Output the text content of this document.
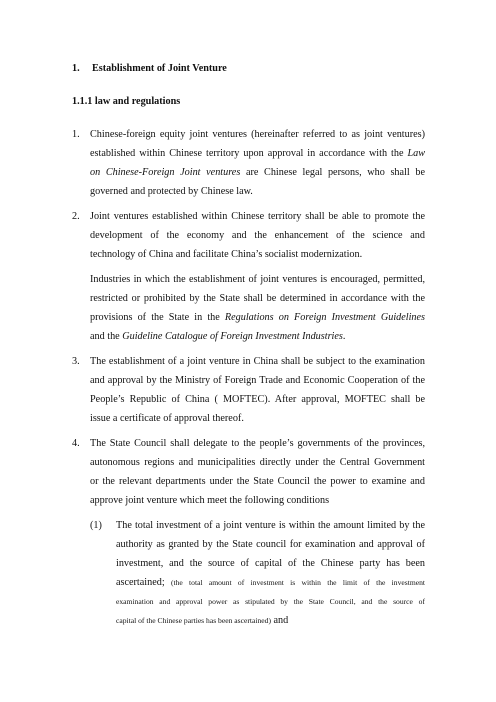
1. Establishment of Joint Venture
1.1.1 law and regulations
1.	Chinese-foreign equity joint ventures (hereinafter referred to as joint ventures)
established within Chinese territory upon approval in accordance with the Law
on Chinese-Foreign Joint ventures are Chinese legal persons, who shall be
governed and protected by Chinese law.
2.	Joint ventures established within Chinese territory shall be able to promote the
development of the economy and the enhancement of the science and
technology of China and facilitate China’s socialist modernization.
Industries in which the establishment of joint ventures is encouraged, permitted,
restricted or prohibited by the State shall be determined in accordance with the
provisions of the State in the Regulations on Foreign Investment Guidelines
and the Guideline Catalogue of Foreign Investment Industries.
3.	The establishment of a joint venture in China shall be subject to the examination
and approval by the Ministry of Foreign Trade and Economic Cooperation of the
People’s Republic of China ( MOFTEC). After approval, MOFTEC shall be
issue a certificate of approval thereof.
4.	The State Council shall delegate to the people’s governments of the provinces,
autonomous regions and municipalities directly under the Central Government
or the relevant departments under the State Council the power to examine and
approve joint venture which meet the following conditions
(1)	The total investment of a joint venture is within the amount limited by the
authority as granted by the State council for examination and approval of
investment, and the source of capital of the Chinese party has been
ascertained; (the total amount of investment is within the limit of the investment
examination and approval power as stipulated by the State Council, and the source of
capital of the Chinese parties has been ascertained) and
